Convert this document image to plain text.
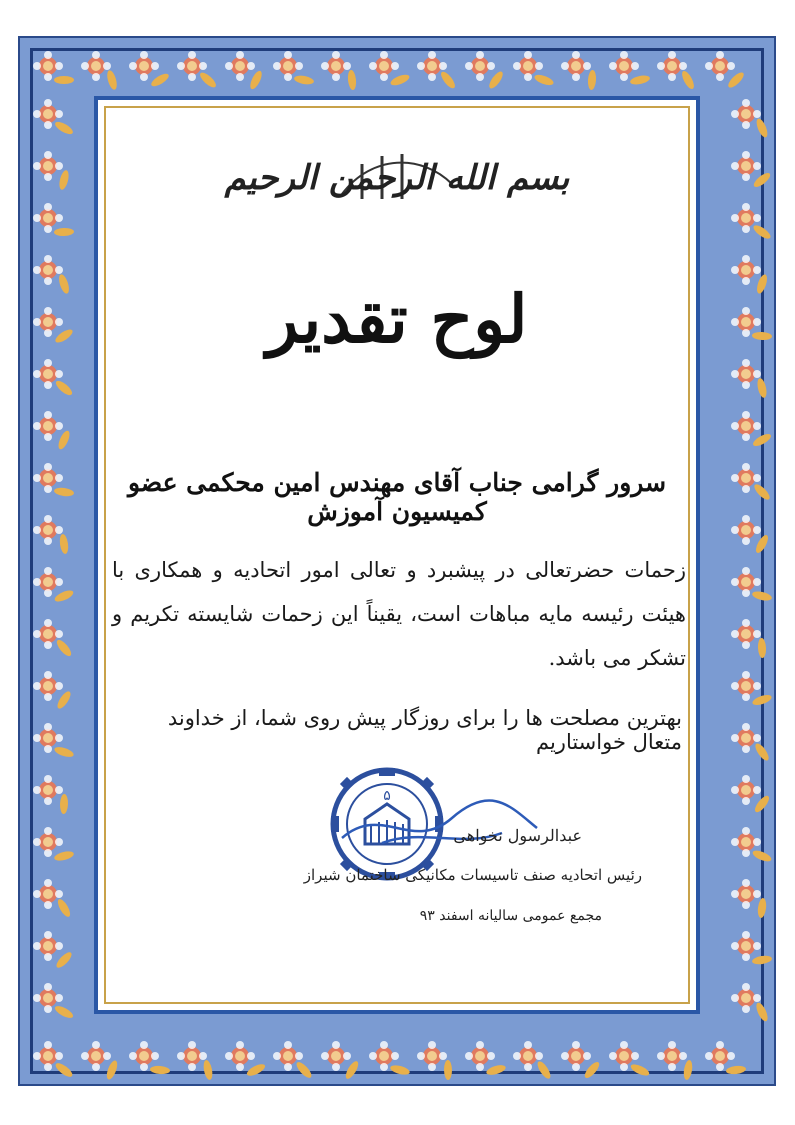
بسم الله الرحمن الرحیم
لوح تقدیر
سرور گرامی جناب آقای مهندس امین محکمی عضو کمیسیون آموزش
زحمات حضرتعالی در پیشبرد و تعالی امور اتحادیه و همکاری با هیئت رئیسه مایه مباهات است، یقیناً این زحمات شایسته تکریم و تشکر می باشد.
بهترین مصلحت ها را برای روزگار پیش روی شما، از خداوند متعال خواستاریم
۵
عبدالرسول نخواهی
رئیس اتحادیه صنف تاسیسات مکانیکی ساختمان شیراز
مجمع عمومی سالیانه اسفند ۹۳
